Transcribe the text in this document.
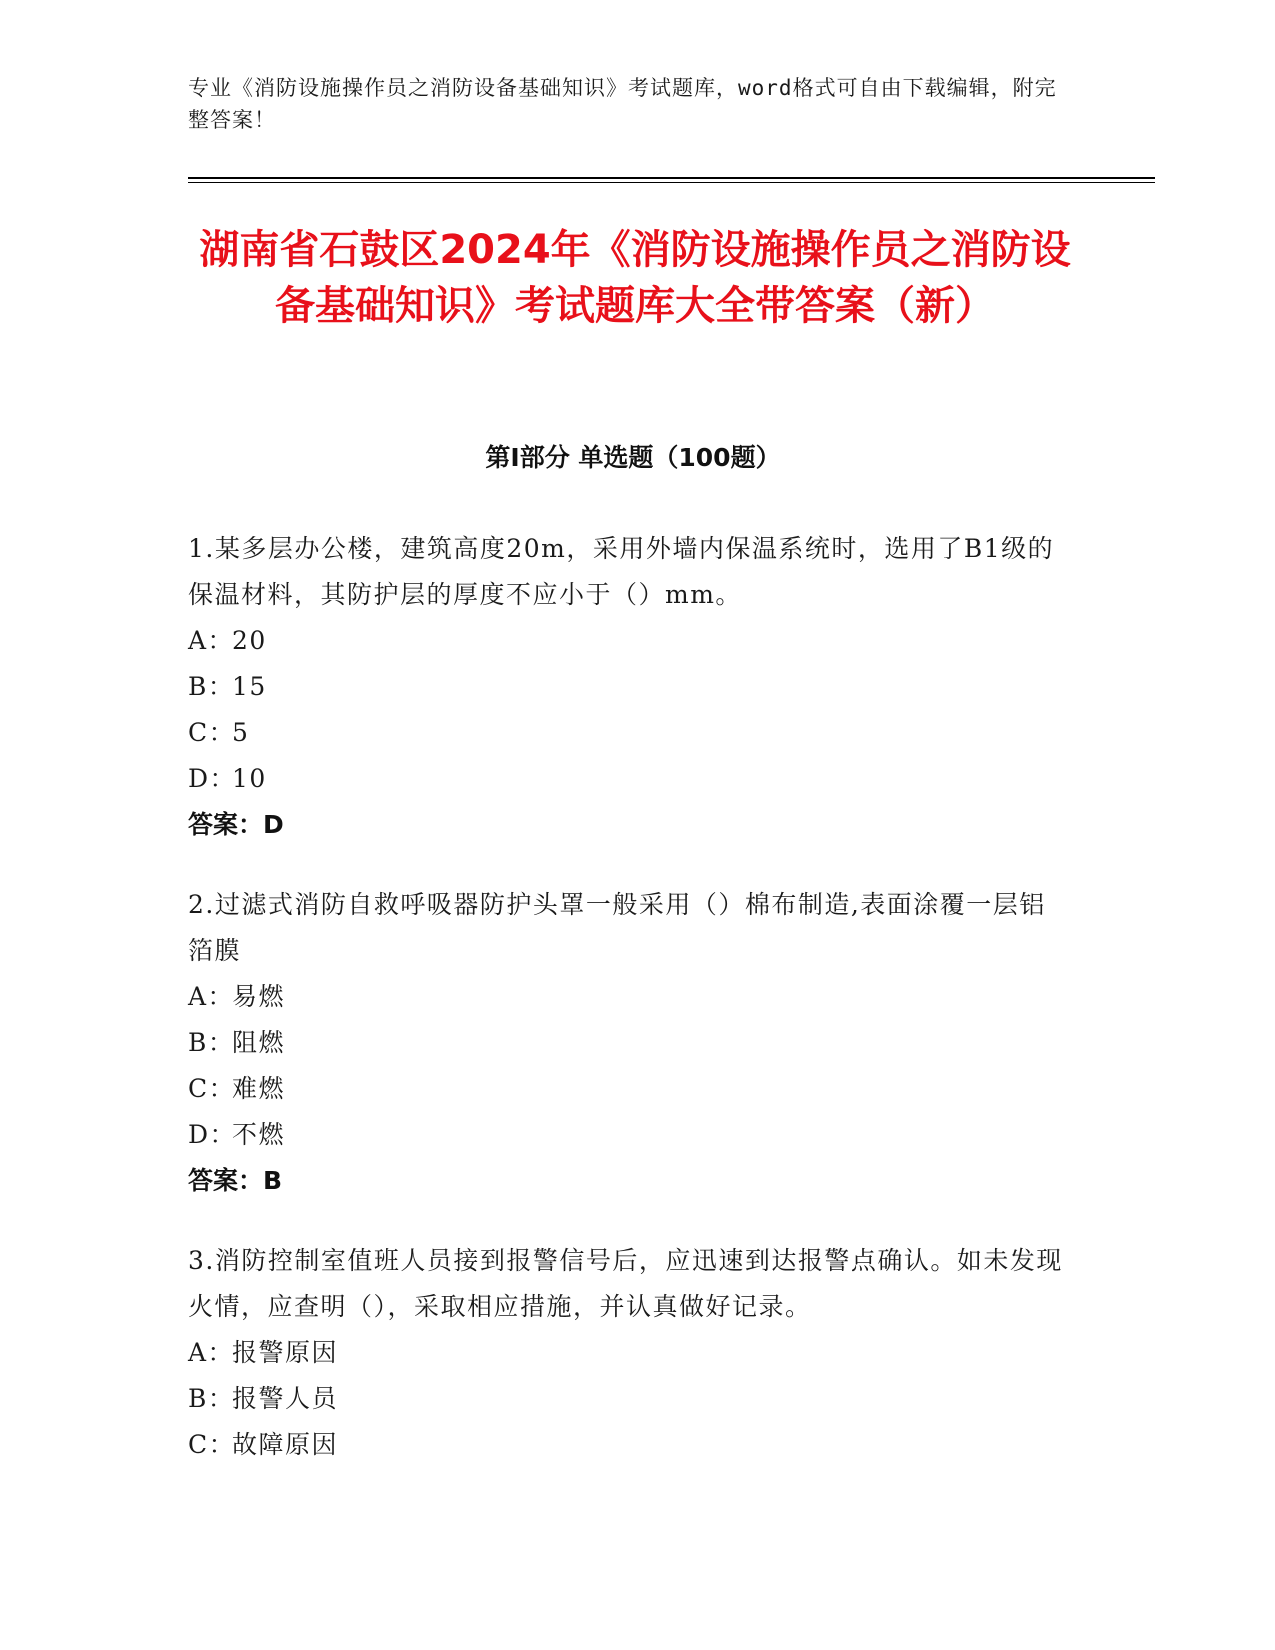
专业《消防设施操作员之消防设备基础知识》考试题库，word格式可自由下载编辑，附完整答案！
湖南省石鼓区2024年《消防设施操作员之消防设备基础知识》考试题库大全带答案（新）
第I部分 单选题（100题）
1.某多层办公楼，建筑高度20m，采用外墙内保温系统时，选用了B1级的保温材料，其防护层的厚度不应小于（）mm。
A：
20
B：
15
C：
5
D：
10
答案：D
2.过滤式消防自救呼吸器防护头罩一般采用（）棉布制造,表面涂覆一层铝箔膜
A：
易燃
B：
阻燃
C：
难燃
D：
不燃
答案：B
3.消防控制室值班人员接到报警信号后，应迅速到达报警点确认。如未发现火情，应查明（），采取相应措施，并认真做好记录。
A：
报警原因
B：
报警人员
C：
故障原因
